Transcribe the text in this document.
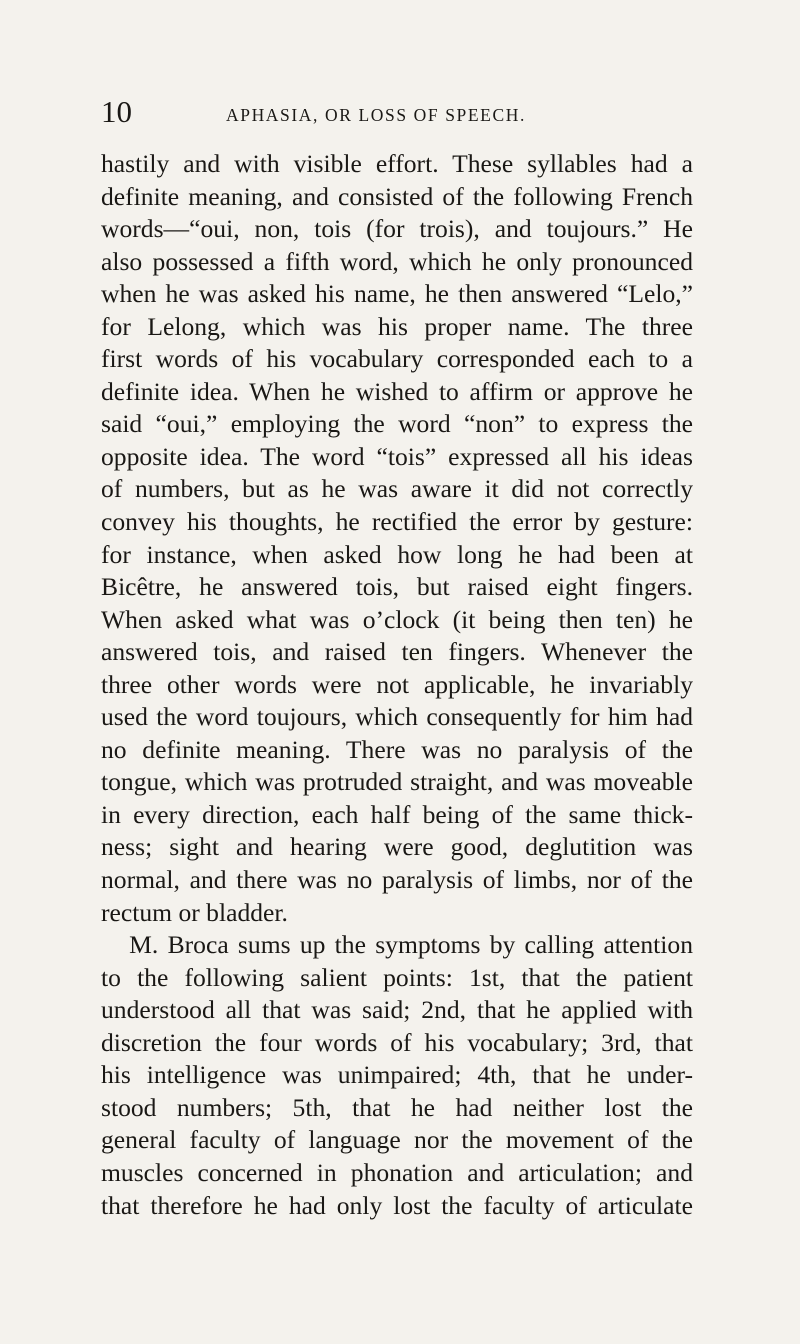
10	APHASIA, OR LOSS OF SPEECH.

hastily and with visible effort. These syllables had a
definite meaning, and consisted of the following French
words—“oui, non, tois (for trois), and toujours.” He
also possessed a fifth word, which he only pronounced
when he was asked his name, he then answered “Lelo,”
for Lelong, which was his proper name. The three
first words of his vocabulary corresponded each to a
definite idea. When he wished to affirm or approve he
said “oui,” employing the word “non” to express the
opposite idea. The word “tois” expressed all his ideas
of numbers, but as he was aware it did not correctly
convey his thoughts, he rectified the error by gesture:
for instance, when asked how long he had been at
Bicêtre, he answered tois, but raised eight fingers.
When asked what was o’clock (it being then ten) he
answered tois, and raised ten fingers. Whenever the
three other words were not applicable, he invariably
used the word toujours, which consequently for him had
no definite meaning. There was no paralysis of the
tongue, which was protruded straight, and was moveable
in every direction, each half being of the same thick-
ness; sight and hearing were good, deglutition was
normal, and there was no paralysis of limbs, nor of the
rectum or bladder.

M. Broca sums up the symptoms by calling attention
to the following salient points: 1st, that the patient
understood all that was said; 2nd, that he applied with
discretion the four words of his vocabulary; 3rd, that
his intelligence was unimpaired; 4th, that he under-
stood numbers; 5th, that he had neither lost the
general faculty of language nor the movement of the
muscles concerned in phonation and articulation; and
that therefore he had only lost the faculty of articulate
